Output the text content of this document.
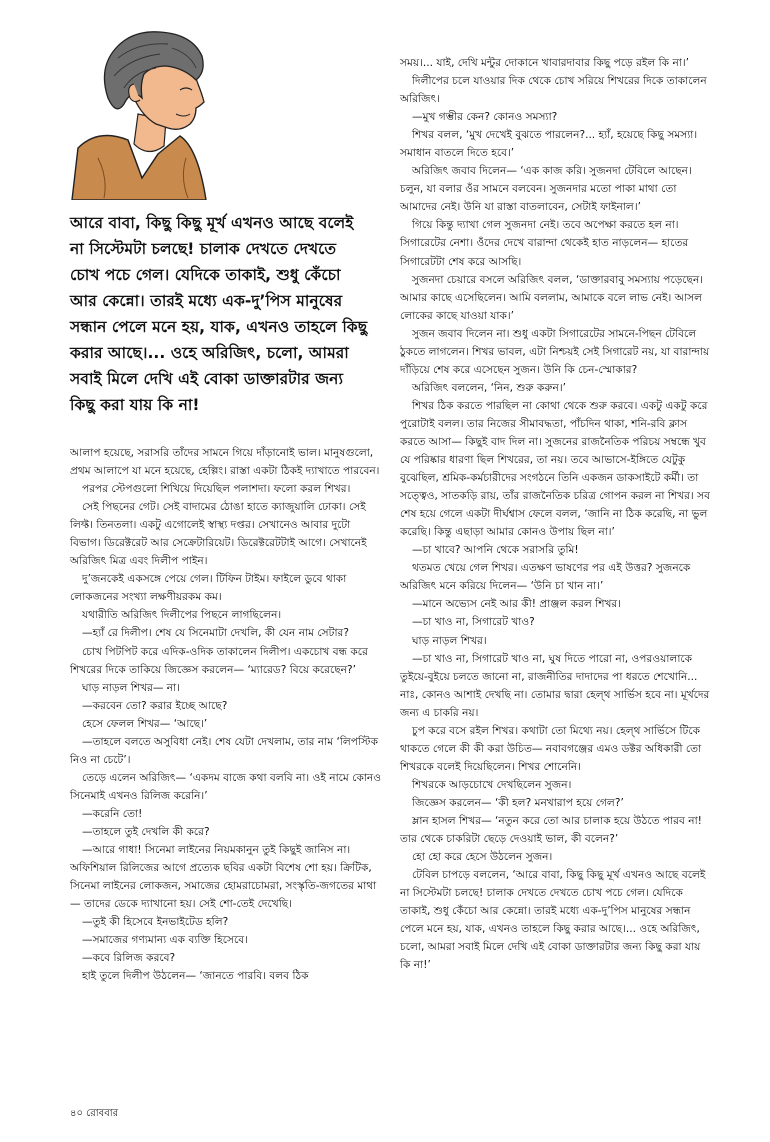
আরে বাবা, কিছু কিছু মূর্খ এখনও আছে বলেই না সিস্টেমটা চলছে! চালাক দেখতে দেখতে চোখ পচে গেল। যেদিকে তাকাই, শুধু কেঁচো আর কেন্নো। তারই মধ্যে এক-দু’পিস মানুষের সন্ধান পেলে মনে হয়, যাক, এখনও তাহলে কিছু করার আছে।... ওহে অরিজিৎ, চলো, আমরা সবাই মিলে দেখি এই বোকা ডাক্তারটার জন্য কিছু করা যায় কি না!

আলাপ হয়েছে, সরাসরি তাঁদের সামনে গিয়ে দাঁড়ানোই ভাল। মানুষগুলো, প্রথম আলাপে যা মনে হয়েছে, হেল্পিং। রাস্তা একটা ঠিকই দ্যাখাতে পারবেন।

পরপর স্টেপগুলো শিখিয়ে দিয়েছিল পলাশদা। ফলো করল শিখর।

সেই পিছনের গেট। সেই বাদামের ঠোঙা হাতে ক্যাজুয়ালি ঢোকা। সেই লিফ্ট। তিনতলা। একটু এগোলেই স্বাস্থ্য দপ্তর। সেখানেও আবার দুটো বিভাগ। ডিরেক্টরেট আর সেক্রেটারিয়েট। ডিরেক্টরেটটাই আগে। সেখানেই অরিজিৎ মিত্র এবং দিলীপ পাইন।

দু’জনকেই একসঙ্গে পেয়ে গেল। টিফিন টাইম। ফাইলে ডুবে থাকা লোকজনের সংখ্যা লক্ষণীয়রকম কম।

যথারীতি অরিজিৎ দিলীপের পিছনে লাগছিলেন।

—হ্যাঁ রে দিলীপ। শেষ যে সিনেমাটা দেখলি, কী যেন নাম সেটার?

চোখ পিটপিট করে এদিক-ওদিক তাকালেন দিলীপ। একচোখ বন্ধ করে শিখরের দিকে তাকিয়ে জিজ্ঞেস করলেন— ‘ম্যারেড? বিয়ে করেছেন?’

ঘাড় নাড়ল শিখর— না।

—করবেন তো? করার ইচ্ছে আছে?

হেসে ফেলল শিখর— ‘আছে।’

—তাহলে বলতে অসুবিধা নেই। শেষ যেটা দেখলাম, তার নাম ‘লিপস্টিক নিও না চেটে’।

তেড়ে এলেন অরিজিৎ— ‘একদম বাজে কথা বলবি না। ওই নামে কোনও সিনেমাই এখনও রিলিজ করেনি।’

—করেনি তো!

—তাহলে তুই দেখলি কী করে?

—আরে গাধা! সিনেমা লাইনের নিয়মকানুন তুই কিছুই জানিস না। অফিশিয়াল রিলিজের আগে প্রত্যেক ছবির একটা বিশেষ শো হয়। ক্রিটিক, সিনেমা লাইনের লোকজন, সমাজের হোমরাচোমরা, সংস্কৃতি-জগতের মাথা— তাদের ডেকে দ্যাখানো হয়। সেই শো-তেই দেখেছি।

—তুই কী হিসেবে ইনভাইটেড হলি?

—সমাজের গণ্যমান্য এক ব্যক্তি হিসেবে।

—কবে রিলিজ করবে?

হাই তুলে দিলীপ উঠলেন— ‘জানতে পারবি। বলব ঠিক

সময়।... যাই, দেখি মন্টুর দোকানে খাবারদাবার কিছু পড়ে রইল কি না।’

দিলীপের চলে যাওয়ার দিক থেকে চোখ সরিয়ে শিখরের দিকে তাকালেন অরিজিৎ।

—মুখ গম্ভীর কেন? কোনও সমস্যা?

শিখর বলল, ‘মুখ দেখেই বুঝতে পারলেন?... হ্যাঁ, হয়েছে কিছু সমস্যা। সমাধান বাতলে দিতে হবে।’

অরিজিৎ জবাব দিলেন— ‘এক কাজ করি। সুজনদা টেবিলে আছেন। চলুন, যা বলার ওঁর সামনে বলবেন। সুজনদার মতো পাকা মাথা তো আমাদের নেই। উনি যা রাস্তা বাতলাবেন, সেটাই ফাইনাল।’

গিয়ে কিন্তু দ্যাখা গেল সুজনদা নেই। তবে অপেক্ষা করতে হল না। সিগারেটের নেশা। ওঁদের দেখে বারান্দা থেকেই হাত নাড়লেন— হাতের সিগারেটটা শেষ করে আসছি।

সুজনদা চেয়ারে বসলে অরিজিৎ বলল, ‘ডাক্তারবাবু সমস্যায় পড়েছেন। আমার কাছে এসেছিলেন। আমি বললাম, আমাকে বলে লাভ নেই। আসল লোকের কাছে যাওয়া যাক।’

সুজন জবাব দিলেন না। শুধু একটা সিগারেটের সামনে-পিছন টেবিলে ঠুকতে লাগলেন। শিখর ভাবল, এটা নিশ্চয়ই সেই সিগারেট নয়, যা বারান্দায় দাঁড়িয়ে শেষ করে এসেছেন সুজন। উনি কি চেন-স্মোকার?

অরিজিৎ বললেন, ‘নিন, শুরু করুন।’

শিখর ঠিক করতে পারছিল না কোথা থেকে শুরু করবে। একটু একটু করে পুরোটাই বলল। তার নিজের সীমাবদ্ধতা, পাঁচদিন থাকা, শনি-রবি ক্লাস করতে আসা— কিছুই বাদ দিল না। সুজনের রাজনৈতিক পরিচয় সম্বন্ধে খুব যে পরিষ্কার ধারণা ছিল শিখরের, তা নয়। তবে আভাসে-ইঙ্গিতে যেটুকু বুঝেছিল, শ্রমিক-কর্মচারীদের সংগঠনে তিনি একজন ডাকসাইটে কর্মী। তা সত্ত্বেও, সাতকড়ি রায়, তাঁর রাজনৈতিক চরিত্র গোপন করল না শিখর। সব শেষ হয়ে গেলে একটা দীর্ঘশ্বাস ফেলে বলল, ‘জানি না ঠিক করেছি, না ভুল করেছি। কিন্তু এছাড়া আমার কোনও উপায় ছিল না।’

—চা খাবে? আপনি থেকে সরাসরি তুমি!

থতমত খেয়ে গেল শিখর। এতক্ষণ ভাষণের পর এই উত্তর? সুজনকে অরিজিৎ মনে করিয়ে দিলেন— ‘উনি চা খান না।’

—মানে অভ্যেস নেই আর কী! প্রাঞ্জল করল শিখর।

—চা খাও না, সিগারেট খাও?

ঘাড় নাড়ল শিখর।

—চা খাও না, সিগারেট খাও না, ঘুষ দিতে পারো না, ওপরওয়ালাকে তুইয়ে-বুইয়ে চলতে জানো না, রাজনীতির দাদাদের পা ধরতে শেখোনি... নাঃ, কোনও আশাই দেখছি না। তোমার দ্বারা হেল্থ সার্ভিস হবে না। মূর্খদের জন্য এ চাকরি নয়।

চুপ করে বসে রইল শিখর। কথাটা তো মিথ্যে নয়। হেল্থ সার্ভিসে টিকে থাকতে গেলে কী কী করা উচিত— নবাবগঞ্জের এমও ডক্টর অধিকারী তো শিখরকে বলেই দিয়েছিলেন। শিখর শোনেনি।

শিখরকে আড়চোখে দেখছিলেন সুজন।

জিজ্ঞেস করলেন— ‘কী হল? মনখারাপ হয়ে গেল?’

ম্লান হাসল শিখর— ‘নতুন করে তো আর চালাক হয়ে উঠতে পারব না! তার থেকে চাকরিটা ছেড়ে দেওয়াই ভাল, কী বলেন?’

হো হো করে হেসে উঠলেন সুজন।

টেবিল চাপড়ে বললেন, ‘আরে বাবা, কিছু কিছু মূর্খ এখনও আছে বলেই না সিস্টেমটা চলছে! চালাক দেখতে দেখতে চোখ পচে গেল। যেদিকে তাকাই, শুধু কেঁচো আর কেন্নো। তারই মধ্যে এক-দু’পিস মানুষের সন্ধান পেলে মনে হয়, যাক, এখনও তাহলে কিছু করার আছে।... ওহে অরিজিৎ, চলো, আমরা সবাই মিলে দেখি এই বোকা ডাক্তারটার জন্য কিছু করা যায় কি না!’

৪০ রোববার
